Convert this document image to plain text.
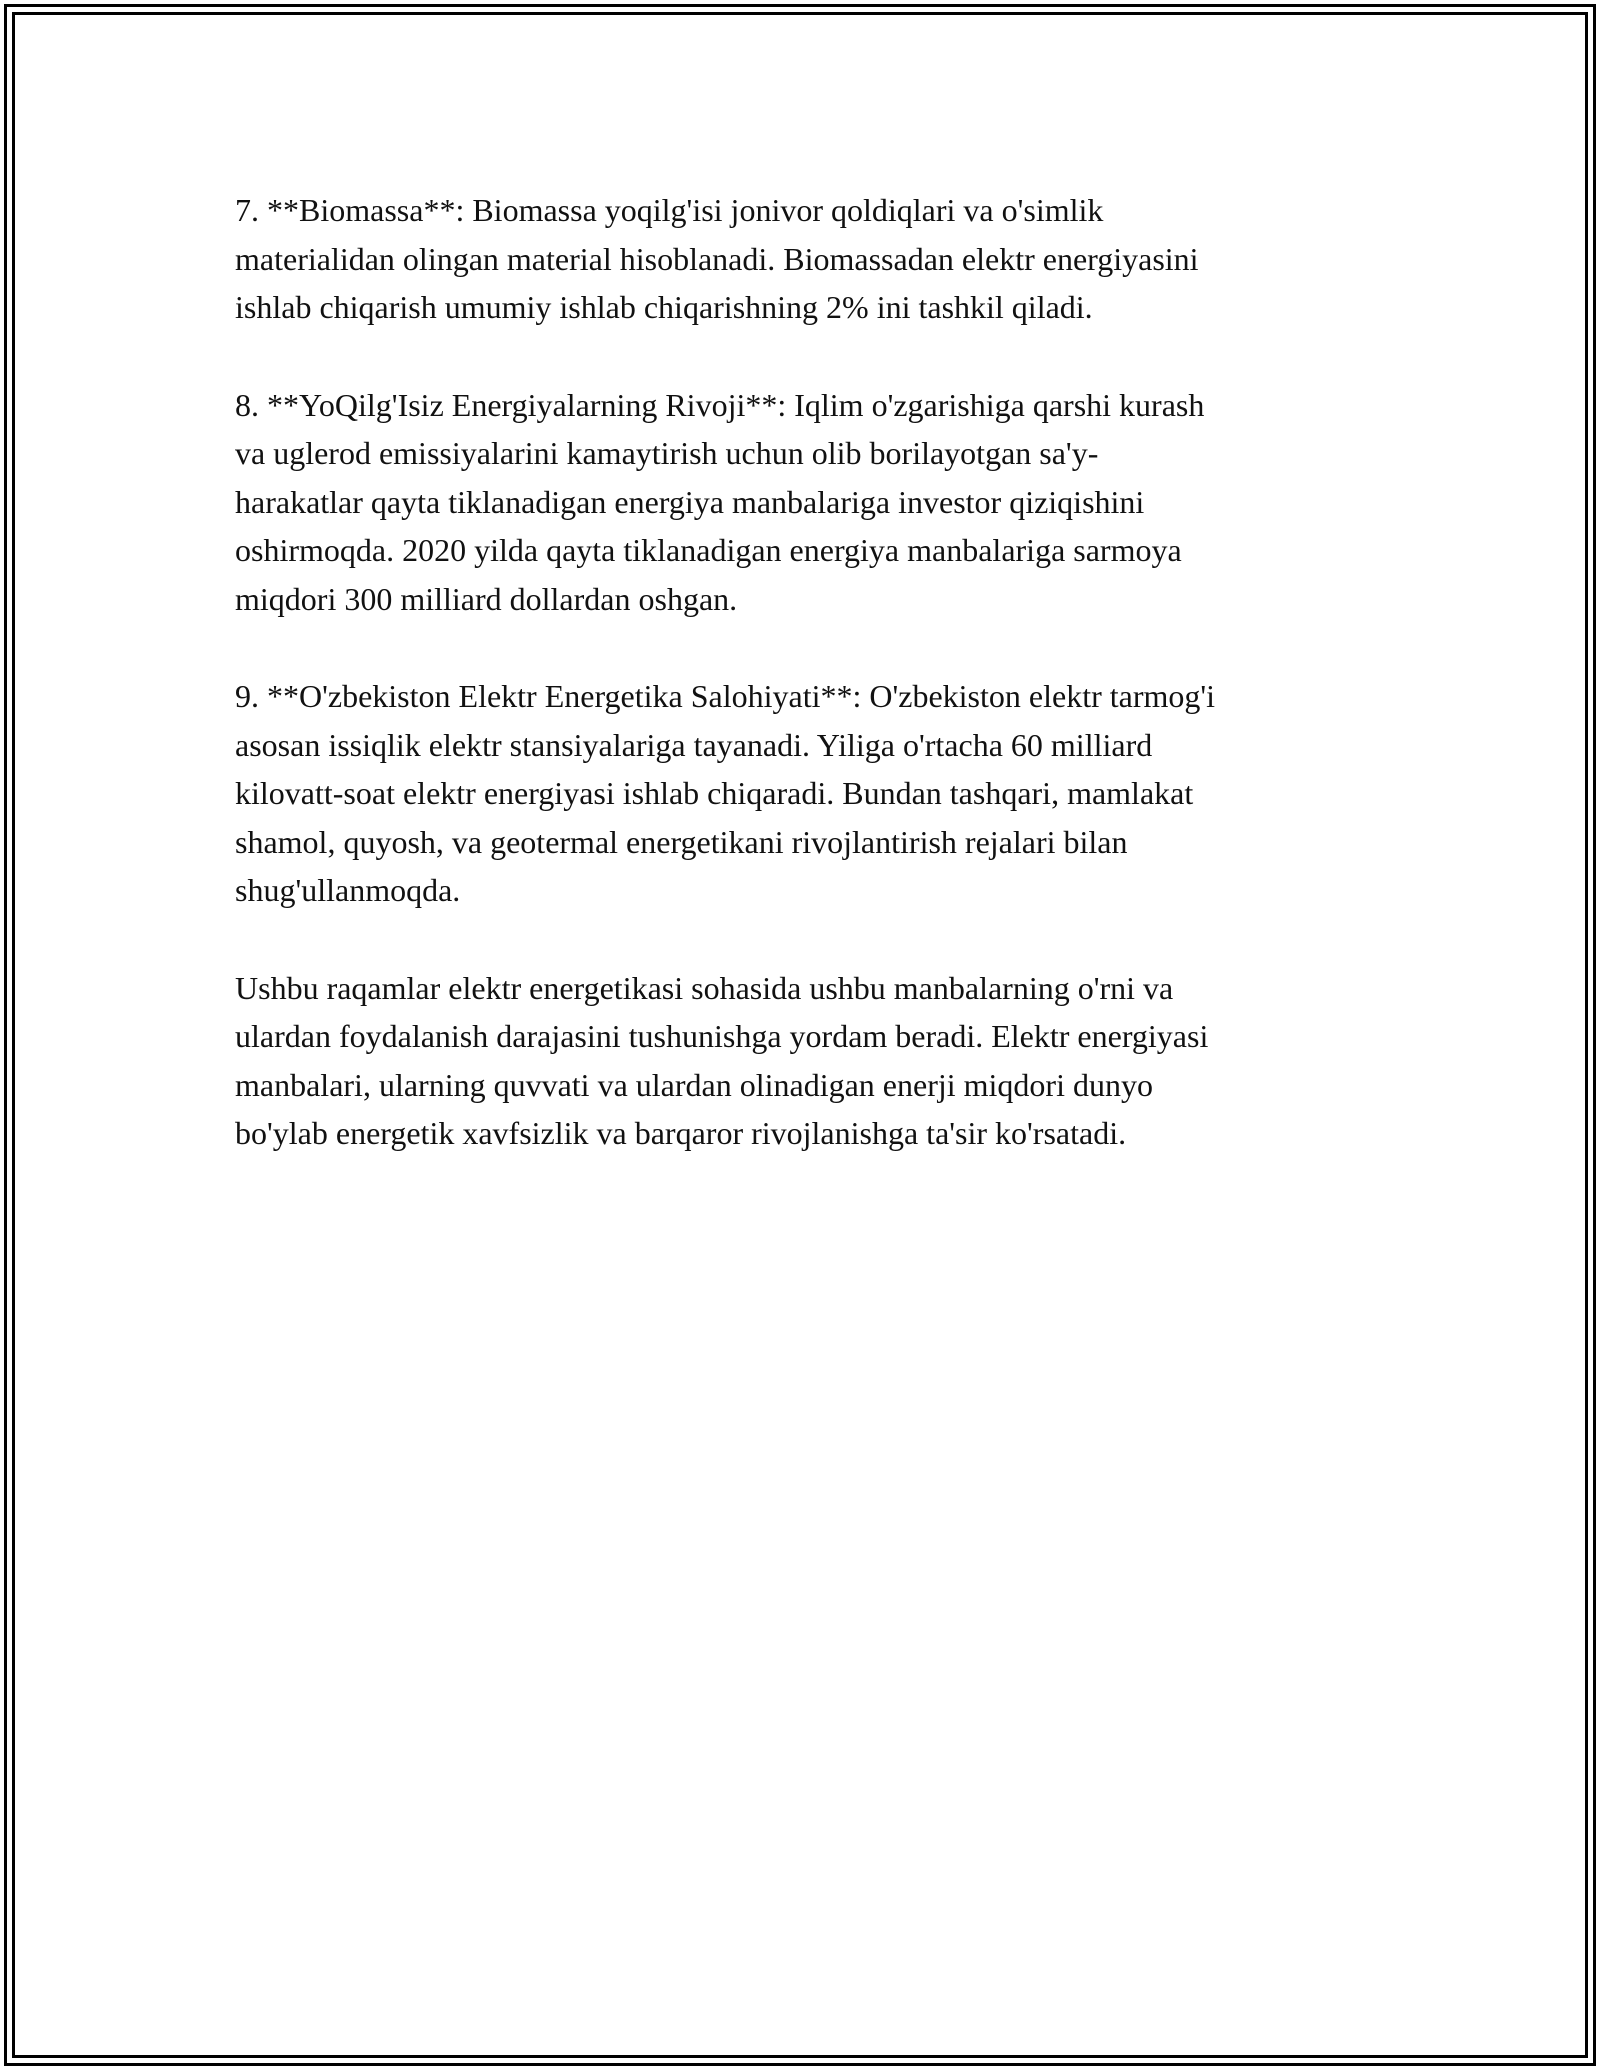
7. **Biomassa**: Biomassa yoqilg'isi jonivor qoldiqlari va o'simlik
materialidan olingan material hisoblanadi. Biomassadan elektr energiyasini
ishlab chiqarish umumiy ishlab chiqarishning 2% ini tashkil qiladi.

8. **YoQilg'Isiz Energiyalarning Rivoji**: Iqlim o'zgarishiga qarshi kurash
va uglerod emissiyalarini kamaytirish uchun olib borilayotgan sa'y-
harakatlar qayta tiklanadigan energiya manbalariga investor qiziqishini
oshirmoqda. 2020 yilda qayta tiklanadigan energiya manbalariga sarmoya
miqdori 300 milliard dollardan oshgan.

9. **O'zbekiston Elektr Energetika Salohiyati**: O'zbekiston elektr tarmog'i
asosan issiqlik elektr stansiyalariga tayanadi. Yiliga o'rtacha 60 milliard
kilovatt-soat elektr energiyasi ishlab chiqaradi. Bundan tashqari, mamlakat
shamol, quyosh, va geotermal energetikani rivojlantirish rejalari bilan
shug'ullanmoqda.

Ushbu raqamlar elektr energetikasi sohasida ushbu manbalarning o'rni va
ulardan foydalanish darajasini tushunishga yordam beradi. Elektr energiyasi
manbalari, ularning quvvati va ulardan olinadigan enerji miqdori dunyo
bo'ylab energetik xavfsizlik va barqaror rivojlanishga ta'sir ko'rsatadi.
